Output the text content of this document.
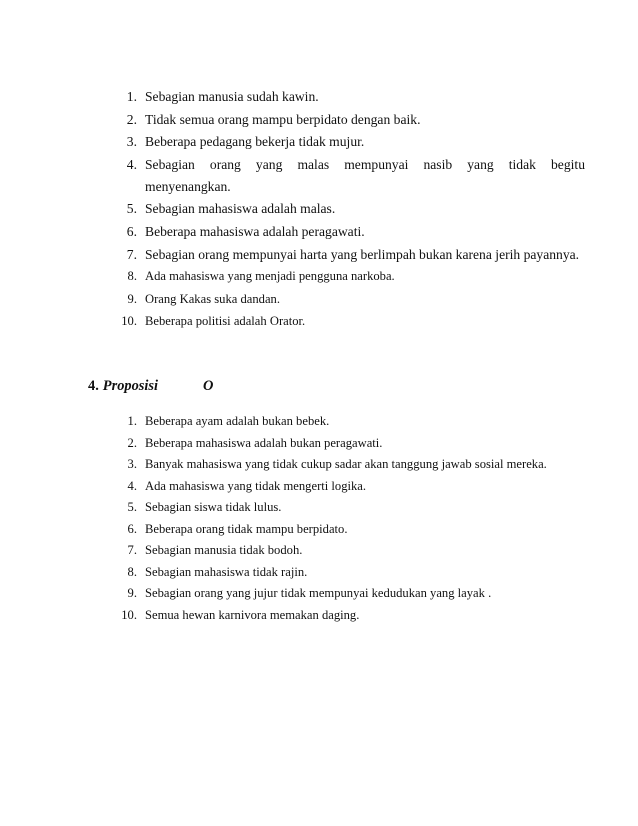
1. Sebagian manusia sudah kawin.
2. Tidak semua orang mampu berpidato dengan baik.
3. Beberapa pedagang bekerja tidak mujur.
4. Sebagian orang yang malas mempunyai nasib yang tidak begitu
menyenangkan.
5. Sebagian mahasiswa adalah malas.
6. Beberapa mahasiswa adalah peragawati.
7. Sebagian orang mempunyai harta yang berlimpah bukan karena jerih payannya.
8. Ada mahasiswa yang menjadi pengguna narkoba.
9. Orang Kakas suka dandan.
10. Beberapa politisi adalah Orator.
4. Proposisi	O
1. Beberapa ayam adalah bukan bebek.
2. Beberapa mahasiswa adalah bukan peragawati.
3. Banyak mahasiswa yang tidak cukup sadar akan tanggung jawab sosial mereka.
4. Ada mahasiswa yang tidak mengerti logika.
5. Sebagian siswa tidak lulus.
6. Beberapa orang tidak mampu berpidato.
7. Sebagian manusia tidak bodoh.
8. Sebagian mahasiswa tidak rajin.
9. Sebagian orang yang jujur tidak mempunyai kedudukan yang layak .
10. Semua hewan karnivora memakan daging.
